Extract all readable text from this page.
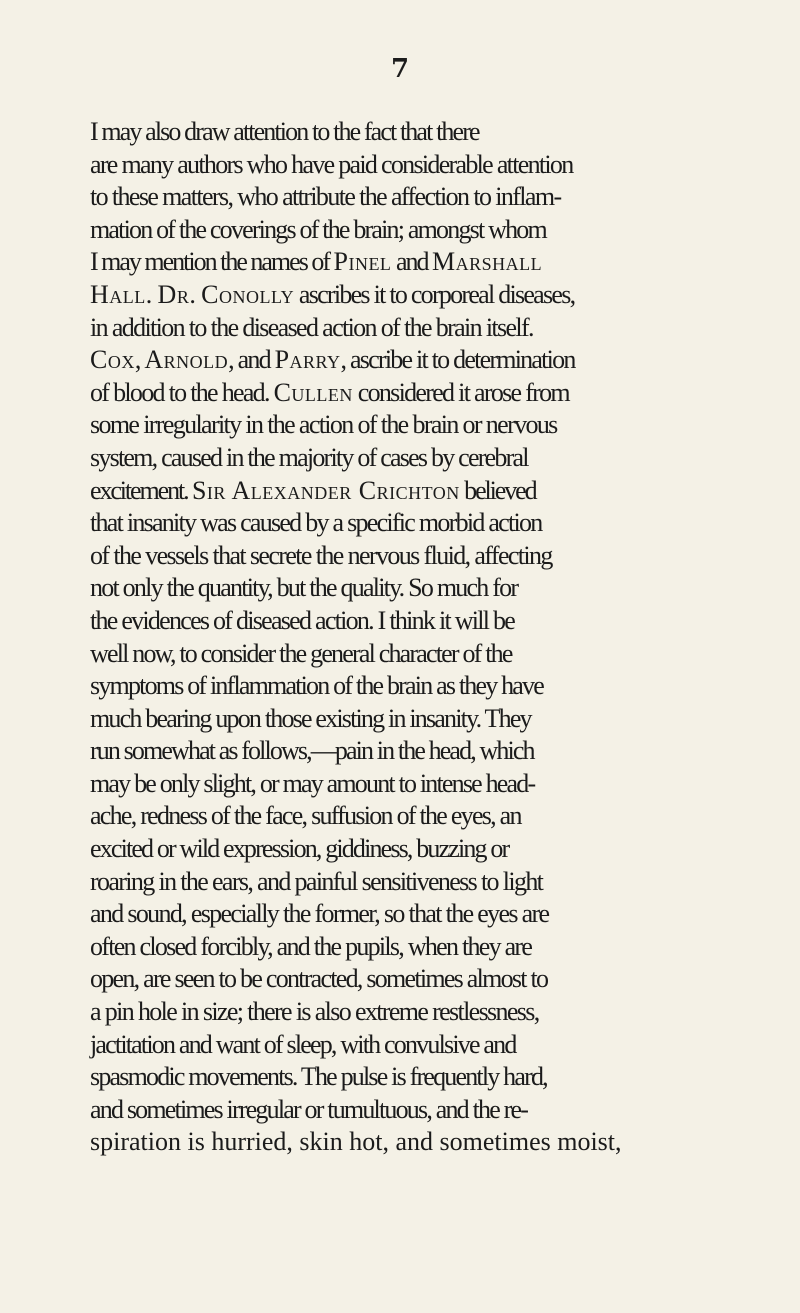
7

I may also draw attention to the fact that there
are many authors who have paid considerable attention
to these matters, who attribute the affection to inflam-
mation of the coverings of the brain; amongst whom
I may mention the names of Pinel and Marshall
Hall. Dr. Conolly ascribes it to corporeal diseases,
in addition to the diseased action of the brain itself.
Cox, Arnold, and Parry, ascribe it to determination
of blood to the head. Cullen considered it arose from
some irregularity in the action of the brain or nervous
system, caused in the majority of cases by cerebral
excitement. Sir Alexander Crichton believed
that insanity was caused by a specific morbid action
of the vessels that secrete the nervous fluid, affecting
not only the quantity, but the quality. So much for
the evidences of diseased action. I think it will be
well now, to consider the general character of the
symptoms of inflammation of the brain as they have
much bearing upon those existing in insanity. They
run somewhat as follows,—pain in the head, which
may be only slight, or may amount to intense head-
ache, redness of the face, suffusion of the eyes, an
excited or wild expression, giddiness, buzzing or
roaring in the ears, and painful sensitiveness to light
and sound, especially the former, so that the eyes are
often closed forcibly, and the pupils, when they are
open, are seen to be contracted, sometimes almost to
a pin hole in size; there is also extreme restlessness,
jactitation and want of sleep, with convulsive and
spasmodic movements. The pulse is frequently hard,
and sometimes irregular or tumultuous, and the re-
spiration is hurried, skin hot, and sometimes moist,
